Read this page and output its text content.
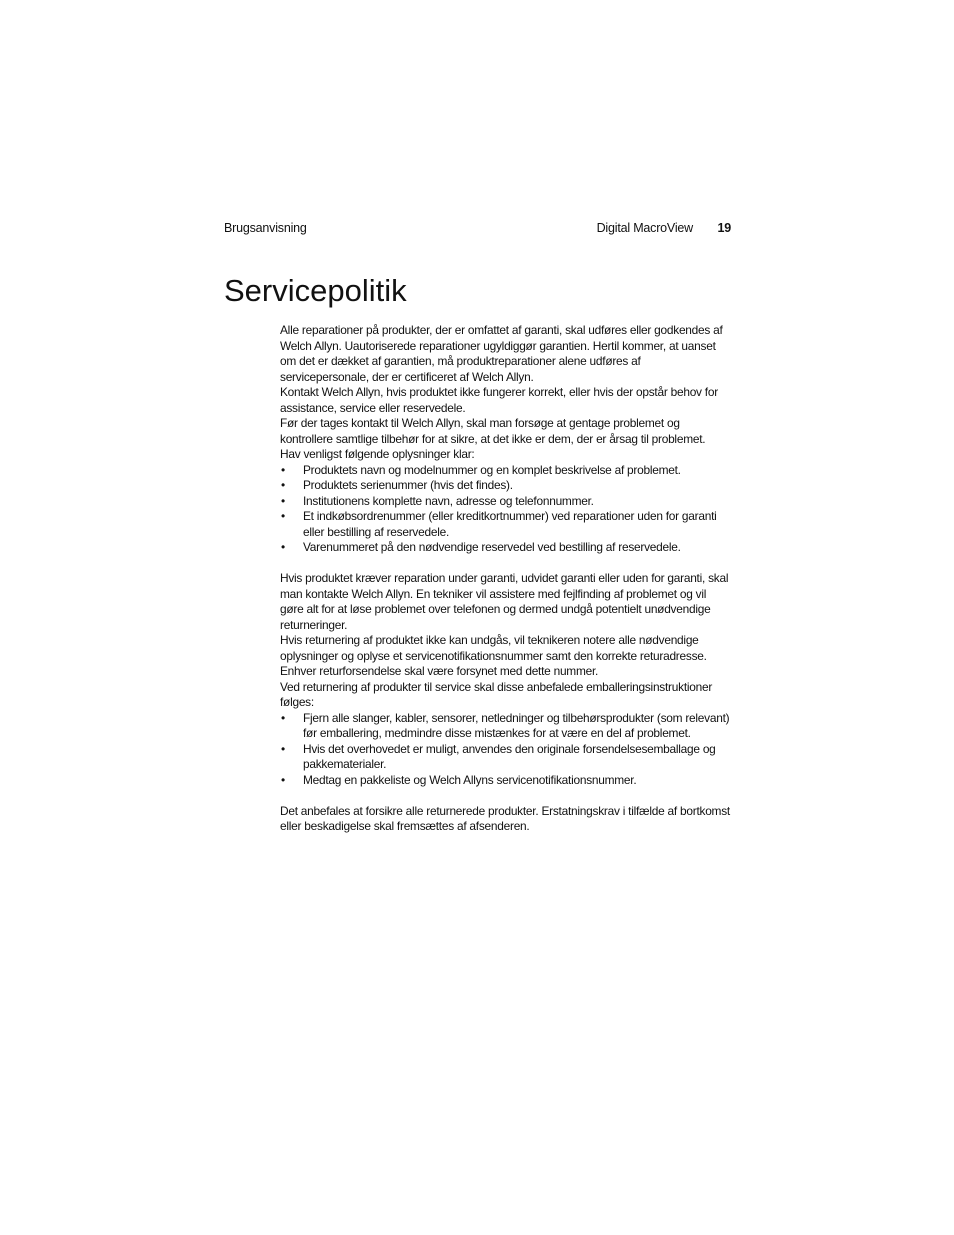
Brugsanvisning	Digital MacroView 19
Servicepolitik

Alle reparationer på produkter, der er omfattet af garanti, skal udføres eller godkendes af Welch Allyn. Uautoriserede reparationer ugyldiggør garantien. Hertil kommer, at uanset om det er dækket af garantien, må produktreparationer alene udføres af servicepersonale, der er certificeret af Welch Allyn.

Kontakt Welch Allyn, hvis produktet ikke fungerer korrekt, eller hvis der opstår behov for assistance, service eller reservedele.

Før der tages kontakt til Welch Allyn, skal man forsøge at gentage problemet og kontrollere samtlige tilbehør for at sikre, at det ikke er dem, der er årsag til problemet.

Hav venligst følgende oplysninger klar:

• Produktets navn og modelnummer og en komplet beskrivelse af problemet.
• Produktets serienummer (hvis det findes).
• Institutionens komplette navn, adresse og telefonnummer.
• Et indkøbsordrenummer (eller kreditkortnummer) ved reparationer uden for garanti eller bestilling af reservedele.
• Varenummeret på den nødvendige reservedel ved bestilling af reservedele.

Hvis produktet kræver reparation under garanti, udvidet garanti eller uden for garanti, skal man kontakte Welch Allyn. En tekniker vil assistere med fejlfinding af problemet og vil gøre alt for at løse problemet over telefonen og dermed undgå potentielt unødvendige returneringer.

Hvis returnering af produktet ikke kan undgås, vil teknikeren notere alle nødvendige oplysninger og oplyse et servicenotifikationsnummer samt den korrekte returadresse. Enhver returforsendelse skal være forsynet med dette nummer.

Ved returnering af produkter til service skal disse anbefalede emballeringsinstruktioner følges:

• Fjern alle slanger, kabler, sensorer, netledninger og tilbehørsprodukter (som relevant) før emballering, medmindre disse mistænkes for at være en del af problemet.
• Hvis det overhovedet er muligt, anvendes den originale forsendelsesemballage og pakkematerialer.
• Medtag en pakkeliste og Welch Allyns servicenotifikationsnummer.

Det anbefales at forsikre alle returnerede produkter. Erstatningskrav i tilfælde af bortkomst eller beskadigelse skal fremsættes af afsenderen.
